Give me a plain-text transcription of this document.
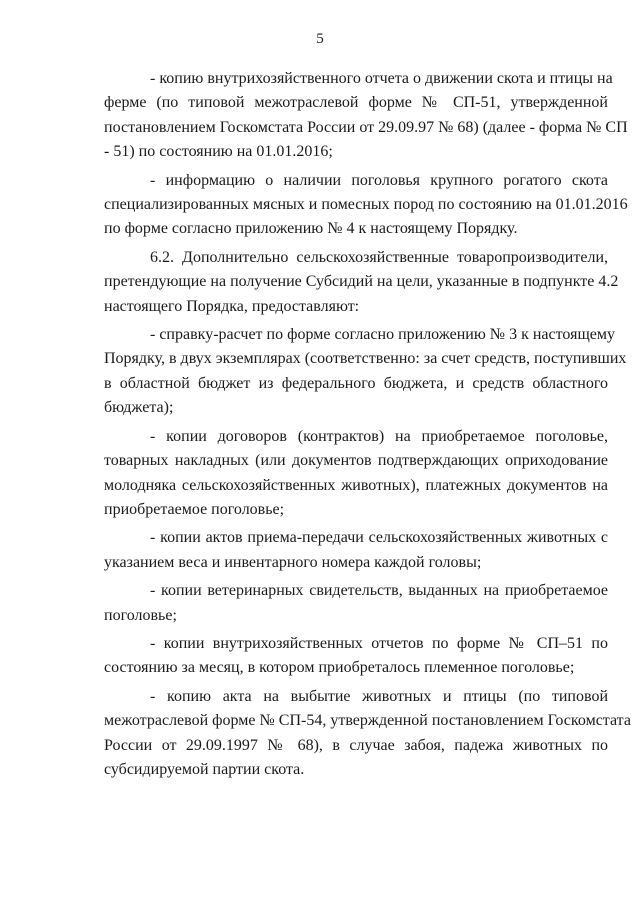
5
- копию внутрихозяйственного отчета о движении скота и птицы на
ферме (по типовой межотраслевой форме № СП-51, утвержденной
постановлением Госкомстата России от 29.09.97 № 68) (далее - форма № СП
- 51) по состоянию на 01.01.2016;
- информацию о наличии поголовья крупного рогатого скота
специализированных мясных и помесных пород по состоянию на 01.01.2016
по форме согласно приложению № 4 к настоящему Порядку.
6.2. Дополнительно сельскохозяйственные товаропроизводители,
претендующие на получение Субсидий на цели, указанные в подпункте 4.2
настоящего Порядка, предоставляют:
- справку-расчет по форме согласно приложению № 3 к настоящему
Порядку, в двух экземплярах (соответственно: за счет средств, поступивших
в областной бюджет из федерального бюджета, и средств областного
бюджета);
- копии договоров (контрактов) на приобретаемое поголовье,
товарных накладных (или документов подтверждающих оприходование
молодняка сельскохозяйственных животных), платежных документов на
приобретаемое поголовье;
- копии актов приема-передачи сельскохозяйственных животных с
указанием веса и инвентарного номера каждой головы;
- копии ветеринарных свидетельств, выданных на приобретаемое
поголовье;
- копии внутрихозяйственных отчетов по форме № СП–51 по
состоянию за месяц, в котором приобреталось племенное поголовье;
- копию акта на выбытие животных и птицы (по типовой
межотраслевой форме № СП-54, утвержденной постановлением Госкомстата
России от 29.09.1997 № 68), в случае забоя, падежа животных по
субсидируемой партии скота.
